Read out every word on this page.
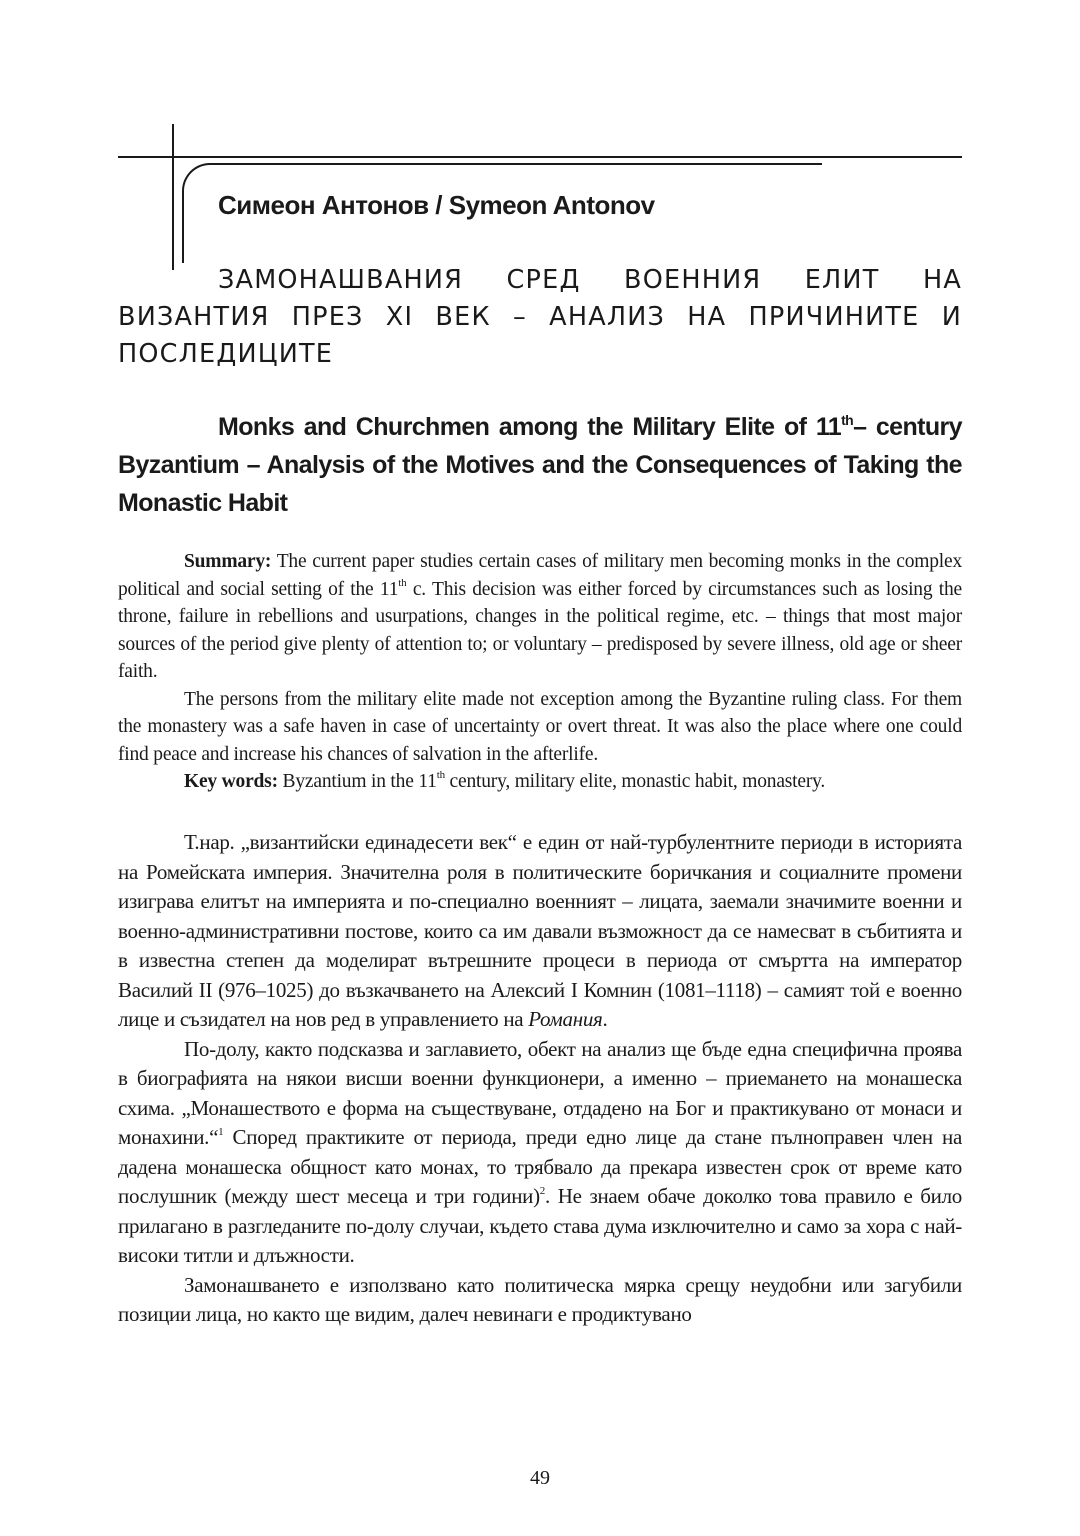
Симеон Антонов / Symeon Antonov
ЗАМОНАШВАНИЯ СРЕД ВОЕННИЯ ЕЛИТ НА ВИЗАНТИЯ ПРЕЗ XI ВЕК – АНАЛИЗ НА ПРИЧИНИТЕ И ПОСЛЕДИЦИТЕ
Monks and Churchmen among the Military Elite of 11th– century Byzantium – Analysis of the Motives and the Consequences of Taking the Monastic Habit

Summary: The current paper studies certain cases of military men becoming monks in the complex political and social setting of the 11th c. This decision was either forced by circumstances such as losing the throne, failure in rebellions and usurpations, changes in the political regime, etc. – things that most major sources of the period give plenty of attention to; or voluntary – predisposed by severe illness, old age or sheer faith.

The persons from the military elite made not exception among the Byzantine ruling class. For them the monastery was a safe haven in case of uncertainty or overt threat. It was also the place where one could find peace and increase his chances of salvation in the afterlife.

Key words: Byzantium in the 11th century, military elite, monastic habit, monastery.

Т.нар. „византийски единадесети век“ е един от най-турбулентните периоди в историята на Ромейската империя. Значителна роля в политическите боричкания и социалните промени изиграва елитът на империята и по-специално военният – лицата, заемали значимите военни и военно-административни постове, които са им давали възможност да се намесват в събитията и в известна степен да моделират вътрешните процеси в периода от смъртта на император Василий II (976–1025) до възкачването на Алексий I Комнин (1081–1118) – самият той е военно лице и съзидател на нов ред в управлението на Романия.

По-долу, както подсказва и заглавието, обект на анализ ще бъде една специфична проява в биографията на някои висши военни функционери, а именно – приемането на монашеска схима. „Монашеството е форма на съществуване, отдадено на Бог и практикувано от монаси и монахини.“$^1$ Според практиките от периода, преди едно лице да стане пълноправен член на дадена монашеска общност като монах, то трябвало да прекара известен срок от време като послушник (между шест месеца и три години)$^2$. Не знаем обаче доколко това правило е било прилагано в разгледаните по-долу случаи, където става дума изключително и само за хора с най-високи титли и длъжности.

Замонашването е използвано като политическа мярка срещу неудобни или загубили позиции лица, но както ще видим, далеч невинаги е продиктувано

49
